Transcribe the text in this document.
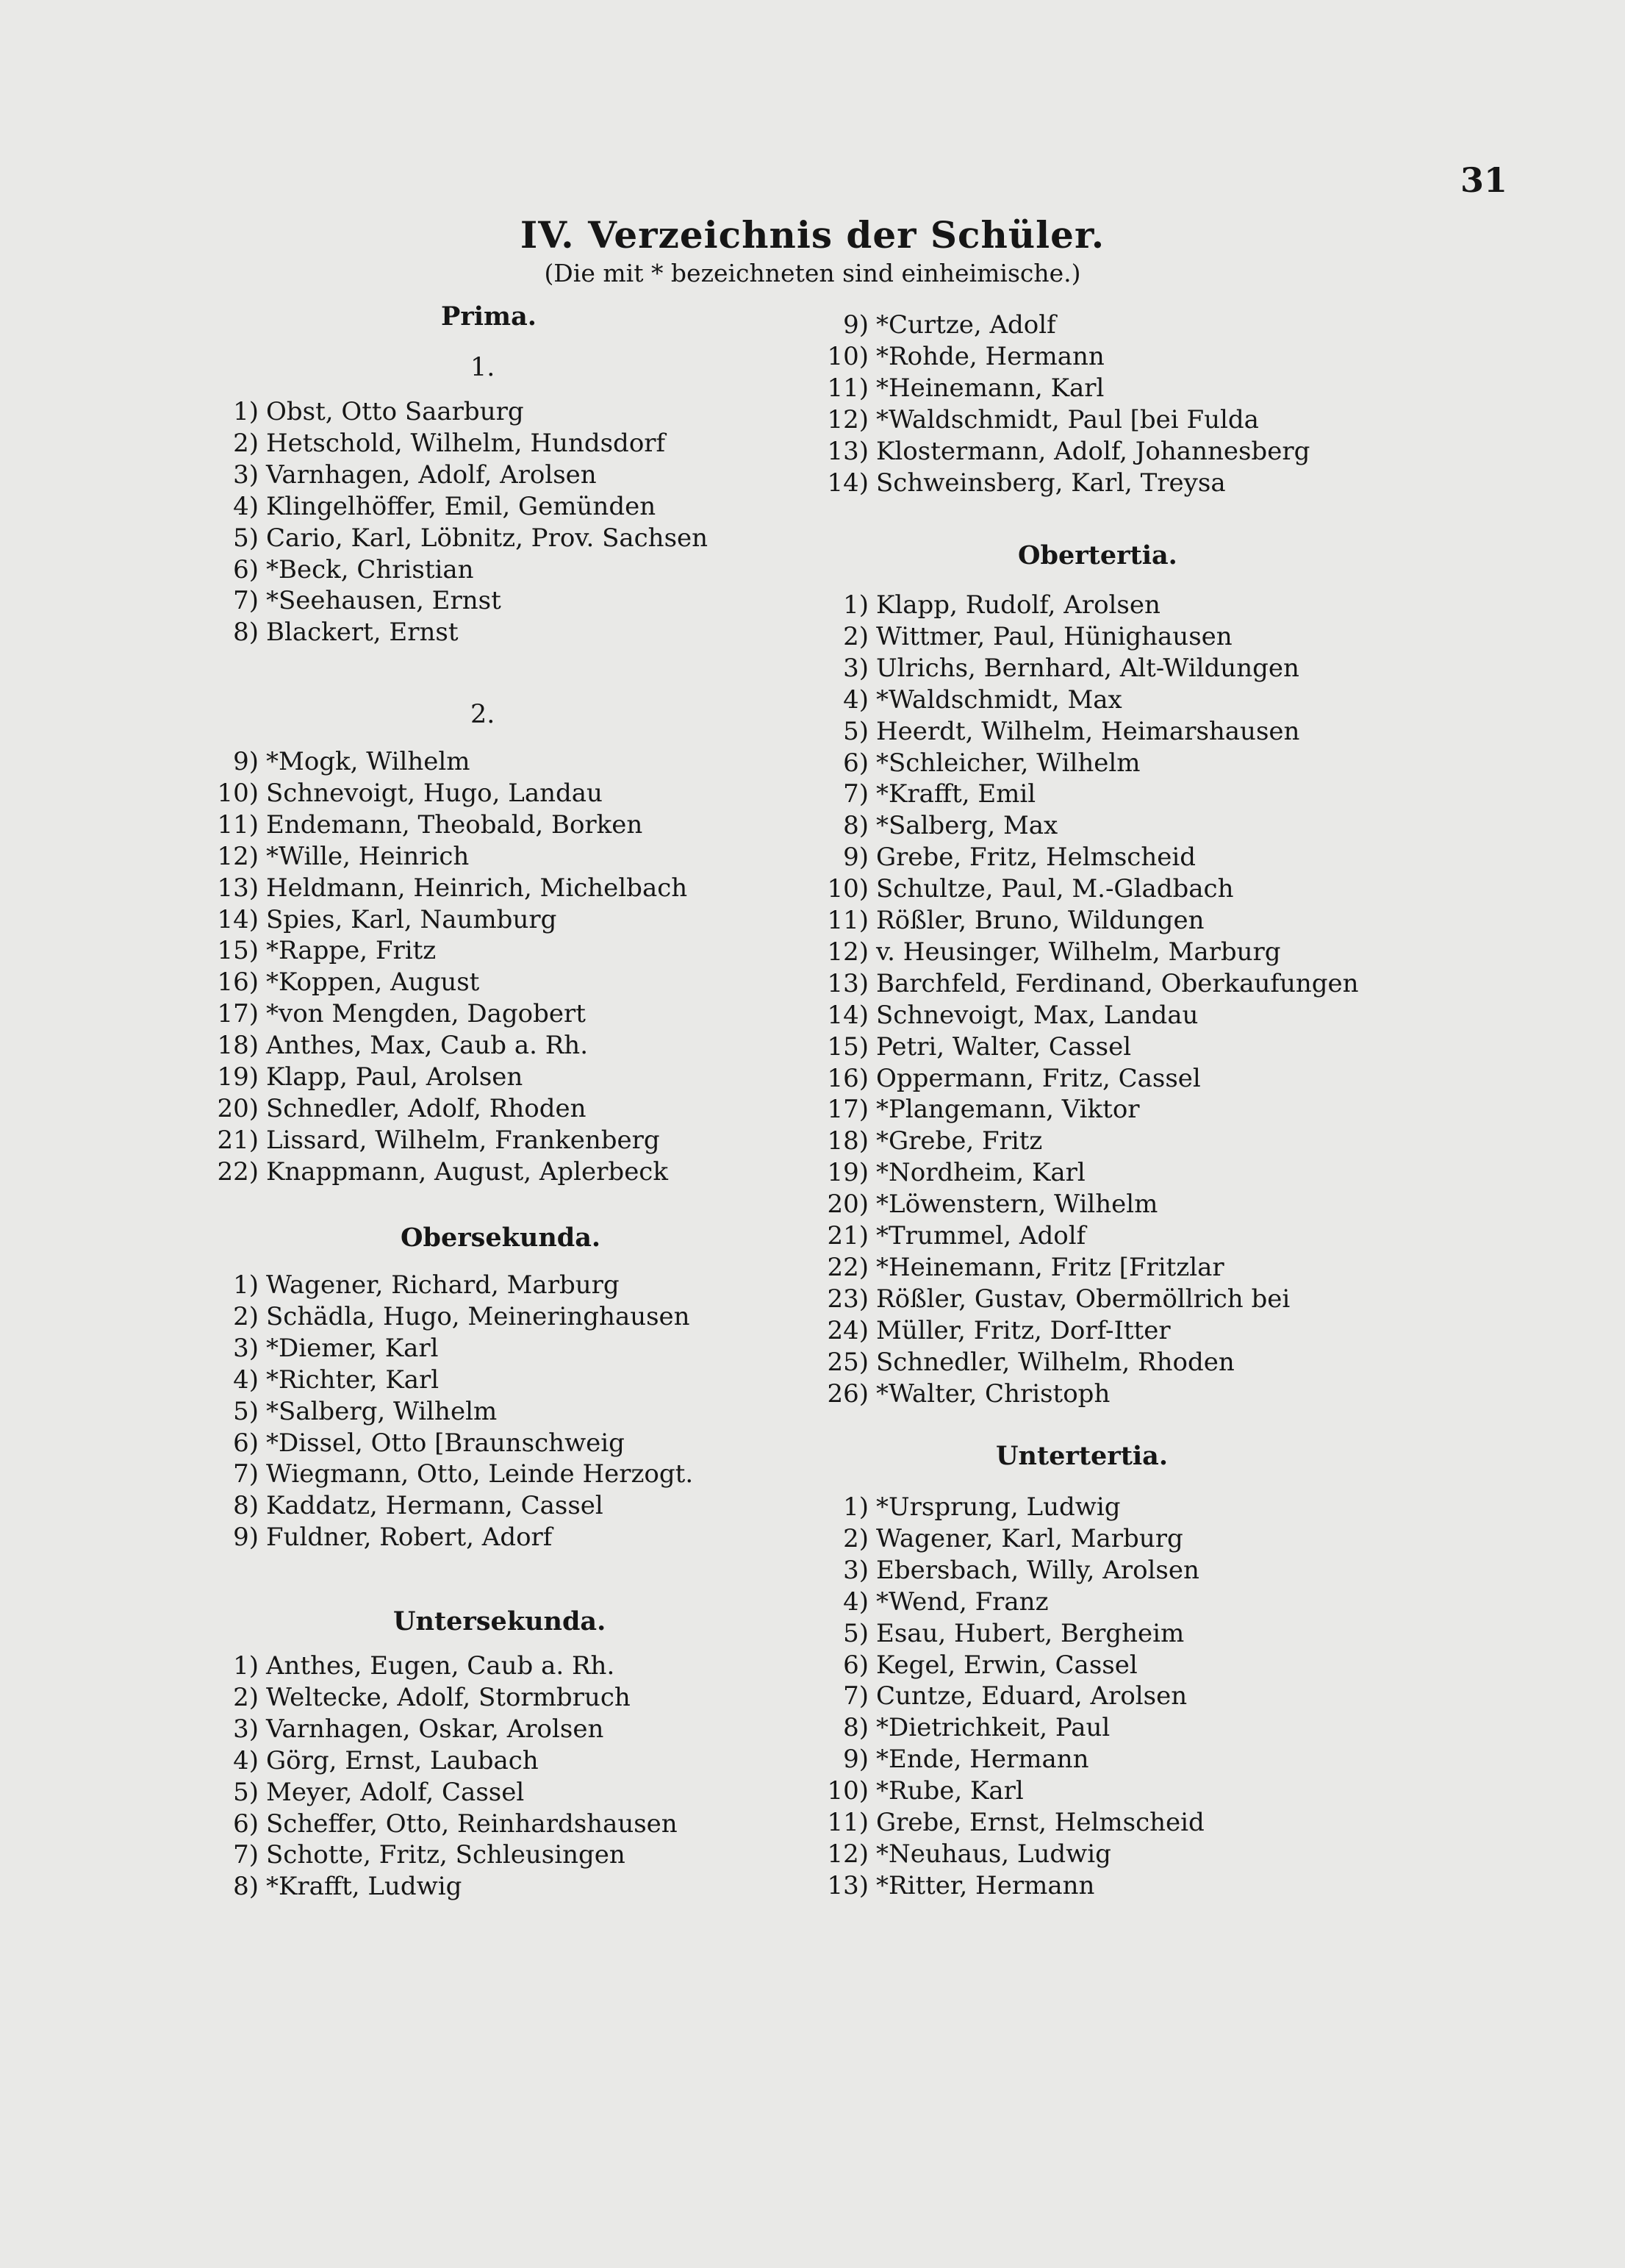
31
IV. Verzeichnis der Schüler.
(Die mit * bezeichneten sind einheimische.)
Prima.
1.
1) Obst, Otto Saarburg
2) Hetschold, Wilhelm, Hundsdorf
3) Varnhagen, Adolf, Arolsen
4) Klingelhöffer, Emil, Gemünden
5) Cario, Karl, Löbnitz, Prov. Sachsen
6) *Beck, Christian
7) *Seehausen, Ernst
8) Blackert, Ernst
2.
9) *Mogk, Wilhelm
10) Schnevoigt, Hugo, Landau
11) Endemann, Theobald, Borken
12) *Wille, Heinrich
13) Heldmann, Heinrich, Michelbach
14) Spies, Karl, Naumburg
15) *Rappe, Fritz
16) *Koppen, August
17) *von Mengden, Dagobert
18) Anthes, Max, Caub a. Rh.
19) Klapp, Paul, Arolsen
20) Schnedler, Adolf, Rhoden
21) Lissard, Wilhelm, Frankenberg
22) Knappmann, August, Aplerbeck
Obersekunda.
1) Wagener, Richard, Marburg
2) Schädla, Hugo, Meineringhausen
3) *Diemer, Karl
4) *Richter, Karl
5) *Salberg, Wilhelm
6) *Dissel, Otto [Braunschweig
7) Wiegmann, Otto, Leinde Herzogt.
8) Kaddatz, Hermann, Cassel
9) Fuldner, Robert, Adorf
Untersekunda.
1) Anthes, Eugen, Caub a. Rh.
2) Weltecke, Adolf, Stormbruch
3) Varnhagen, Oskar, Arolsen
4) Görg, Ernst, Laubach
5) Meyer, Adolf, Cassel
6) Scheffer, Otto, Reinhardshausen
7) Schotte, Fritz, Schleusingen
8) *Krafft, Ludwig
9) *Curtze, Adolf
10) *Rohde, Hermann
11) *Heinemann, Karl
12) *Waldschmidt, Paul [bei Fulda
13) Klostermann, Adolf, Johannesberg
14) Schweinsberg, Karl, Treysa
Obertertia.
1) Klapp, Rudolf, Arolsen
2) Wittmer, Paul, Hünighausen
3) Ulrichs, Bernhard, Alt-Wildungen
4) *Waldschmidt, Max
5) Heerdt, Wilhelm, Heimarshausen
6) *Schleicher, Wilhelm
7) *Krafft, Emil
8) *Salberg, Max
9) Grebe, Fritz, Helmscheid
10) Schultze, Paul, M.-Gladbach
11) Rößler, Bruno, Wildungen
12) v. Heusinger, Wilhelm, Marburg
13) Barchfeld, Ferdinand, Oberkaufungen
14) Schnevoigt, Max, Landau
15) Petri, Walter, Cassel
16) Oppermann, Fritz, Cassel
17) *Plangemann, Viktor
18) *Grebe, Fritz
19) *Nordheim, Karl
20) *Löwenstern, Wilhelm
21) *Trummel, Adolf
22) *Heinemann, Fritz [Fritzlar
23) Rößler, Gustav, Obermöllrich bei
24) Müller, Fritz, Dorf-Itter
25) Schnedler, Wilhelm, Rhoden
26) *Walter, Christoph
Untertertia.
1) *Ursprung, Ludwig
2) Wagener, Karl, Marburg
3) Ebersbach, Willy, Arolsen
4) *Wend, Franz
5) Esau, Hubert, Bergheim
6) Kegel, Erwin, Cassel
7) Cuntze, Eduard, Arolsen
8) *Dietrichkeit, Paul
9) *Ende, Hermann
10) *Rube, Karl
11) Grebe, Ernst, Helmscheid
12) *Neuhaus, Ludwig
13) *Ritter, Hermann
